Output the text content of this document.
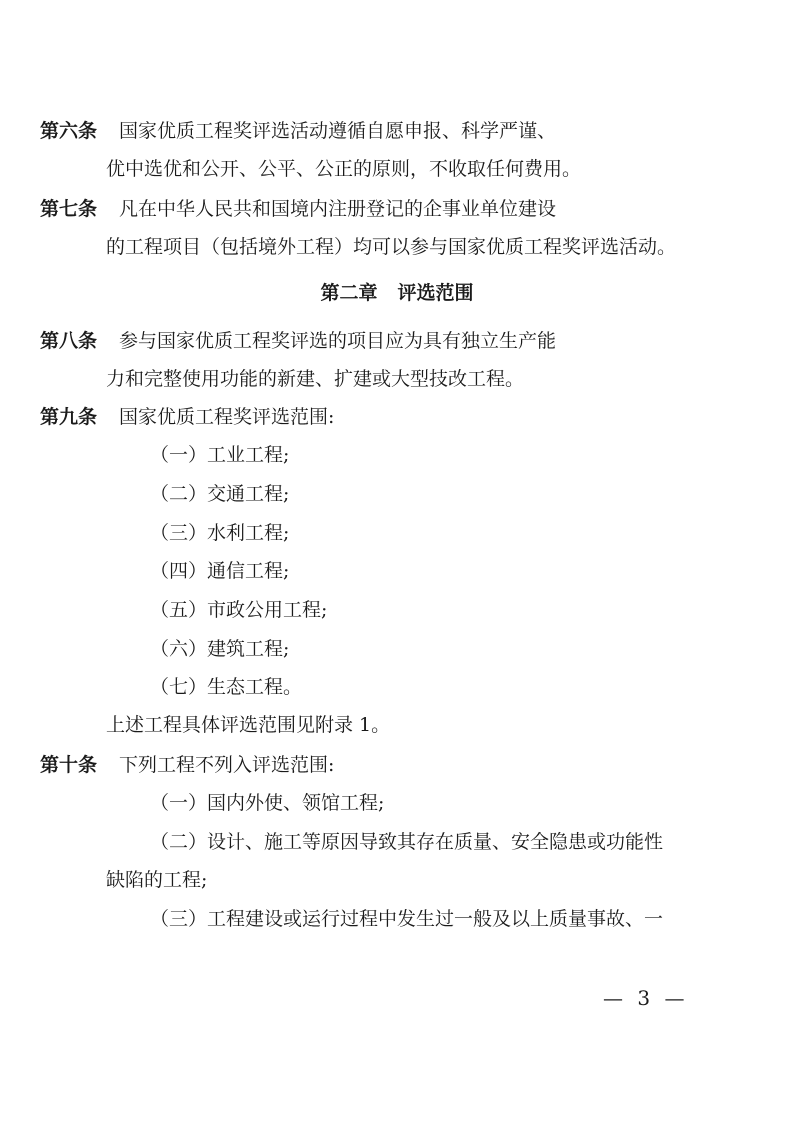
第六条 国家优质工程奖评选活动遵循自愿申报、科学严谨、
优中选优和公开、公平、公正的原则，不收取任何费用。
第七条 凡在中华人民共和国境内注册登记的企事业单位建设
的工程项目（包括境外工程）均可以参与国家优质工程奖评选活动。
第二章 评选范围
第八条 参与国家优质工程奖评选的项目应为具有独立生产能
力和完整使用功能的新建、扩建或大型技改工程。
第九条 国家优质工程奖评选范围:
（一）工业工程;
（二）交通工程;
（三）水利工程;
（四）通信工程;
（五）市政公用工程;
（六）建筑工程;
（七）生态工程。
上述工程具体评选范围见附录 1。
第十条 下列工程不列入评选范围:
（一）国内外使、领馆工程;
（二）设计、施工等原因导致其存在质量、安全隐患或功能性
缺陷的工程;
（三）工程建设或运行过程中发生过一般及以上质量事故、一
— 3 —
